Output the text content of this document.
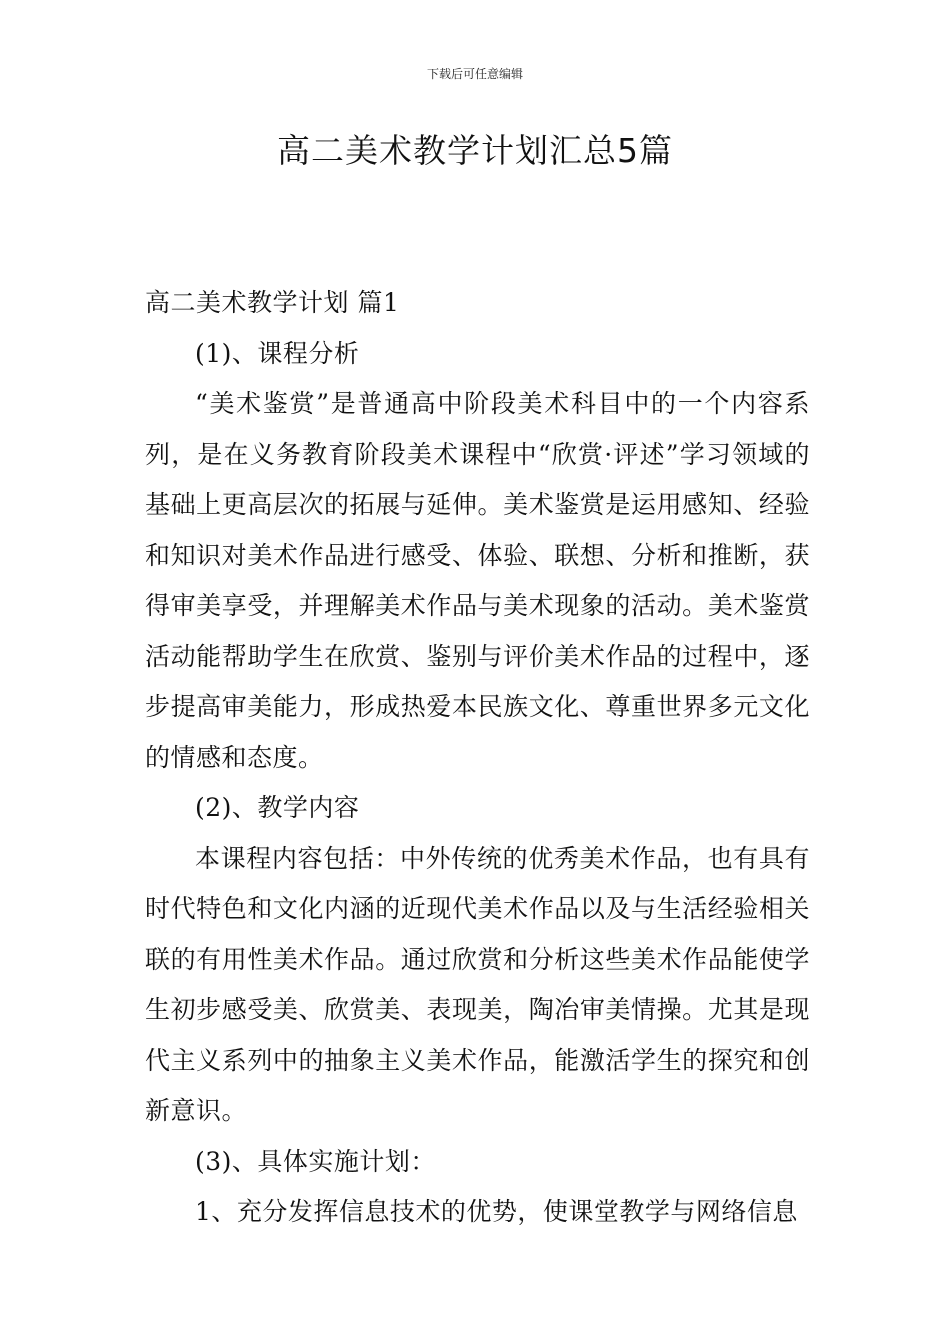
下载后可任意编辑
高二美术教学计划汇总5篇

高二美术教学计划 篇1

(1)、课程分析

“美术鉴赏”是普通高中阶段美术科目中的一个内容系列，是在义务教育阶段美术课程中“欣赏·评述”学习领域的基础上更高层次的拓展与延伸。美术鉴赏是运用感知、经验和知识对美术作品进行感受、体验、联想、分析和推断，获得审美享受，并理解美术作品与美术现象的活动。美术鉴赏活动能帮助学生在欣赏、鉴别与评价美术作品的过程中，逐步提高审美能力，形成热爱本民族文化、尊重世界多元文化的情感和态度。

(2)、教学内容

本课程内容包括：中外传统的优秀美术作品，也有具有时代特色和文化内涵的近现代美术作品以及与生活经验相关联的有用性美术作品。通过欣赏和分析这些美术作品能使学生初步感受美、欣赏美、表现美，陶冶审美情操。尤其是现代主义系列中的抽象主义美术作品，能激活学生的探究和创新意识。

(3)、具体实施计划：

1、充分发挥信息技术的优势，使课堂教学与网络信息
